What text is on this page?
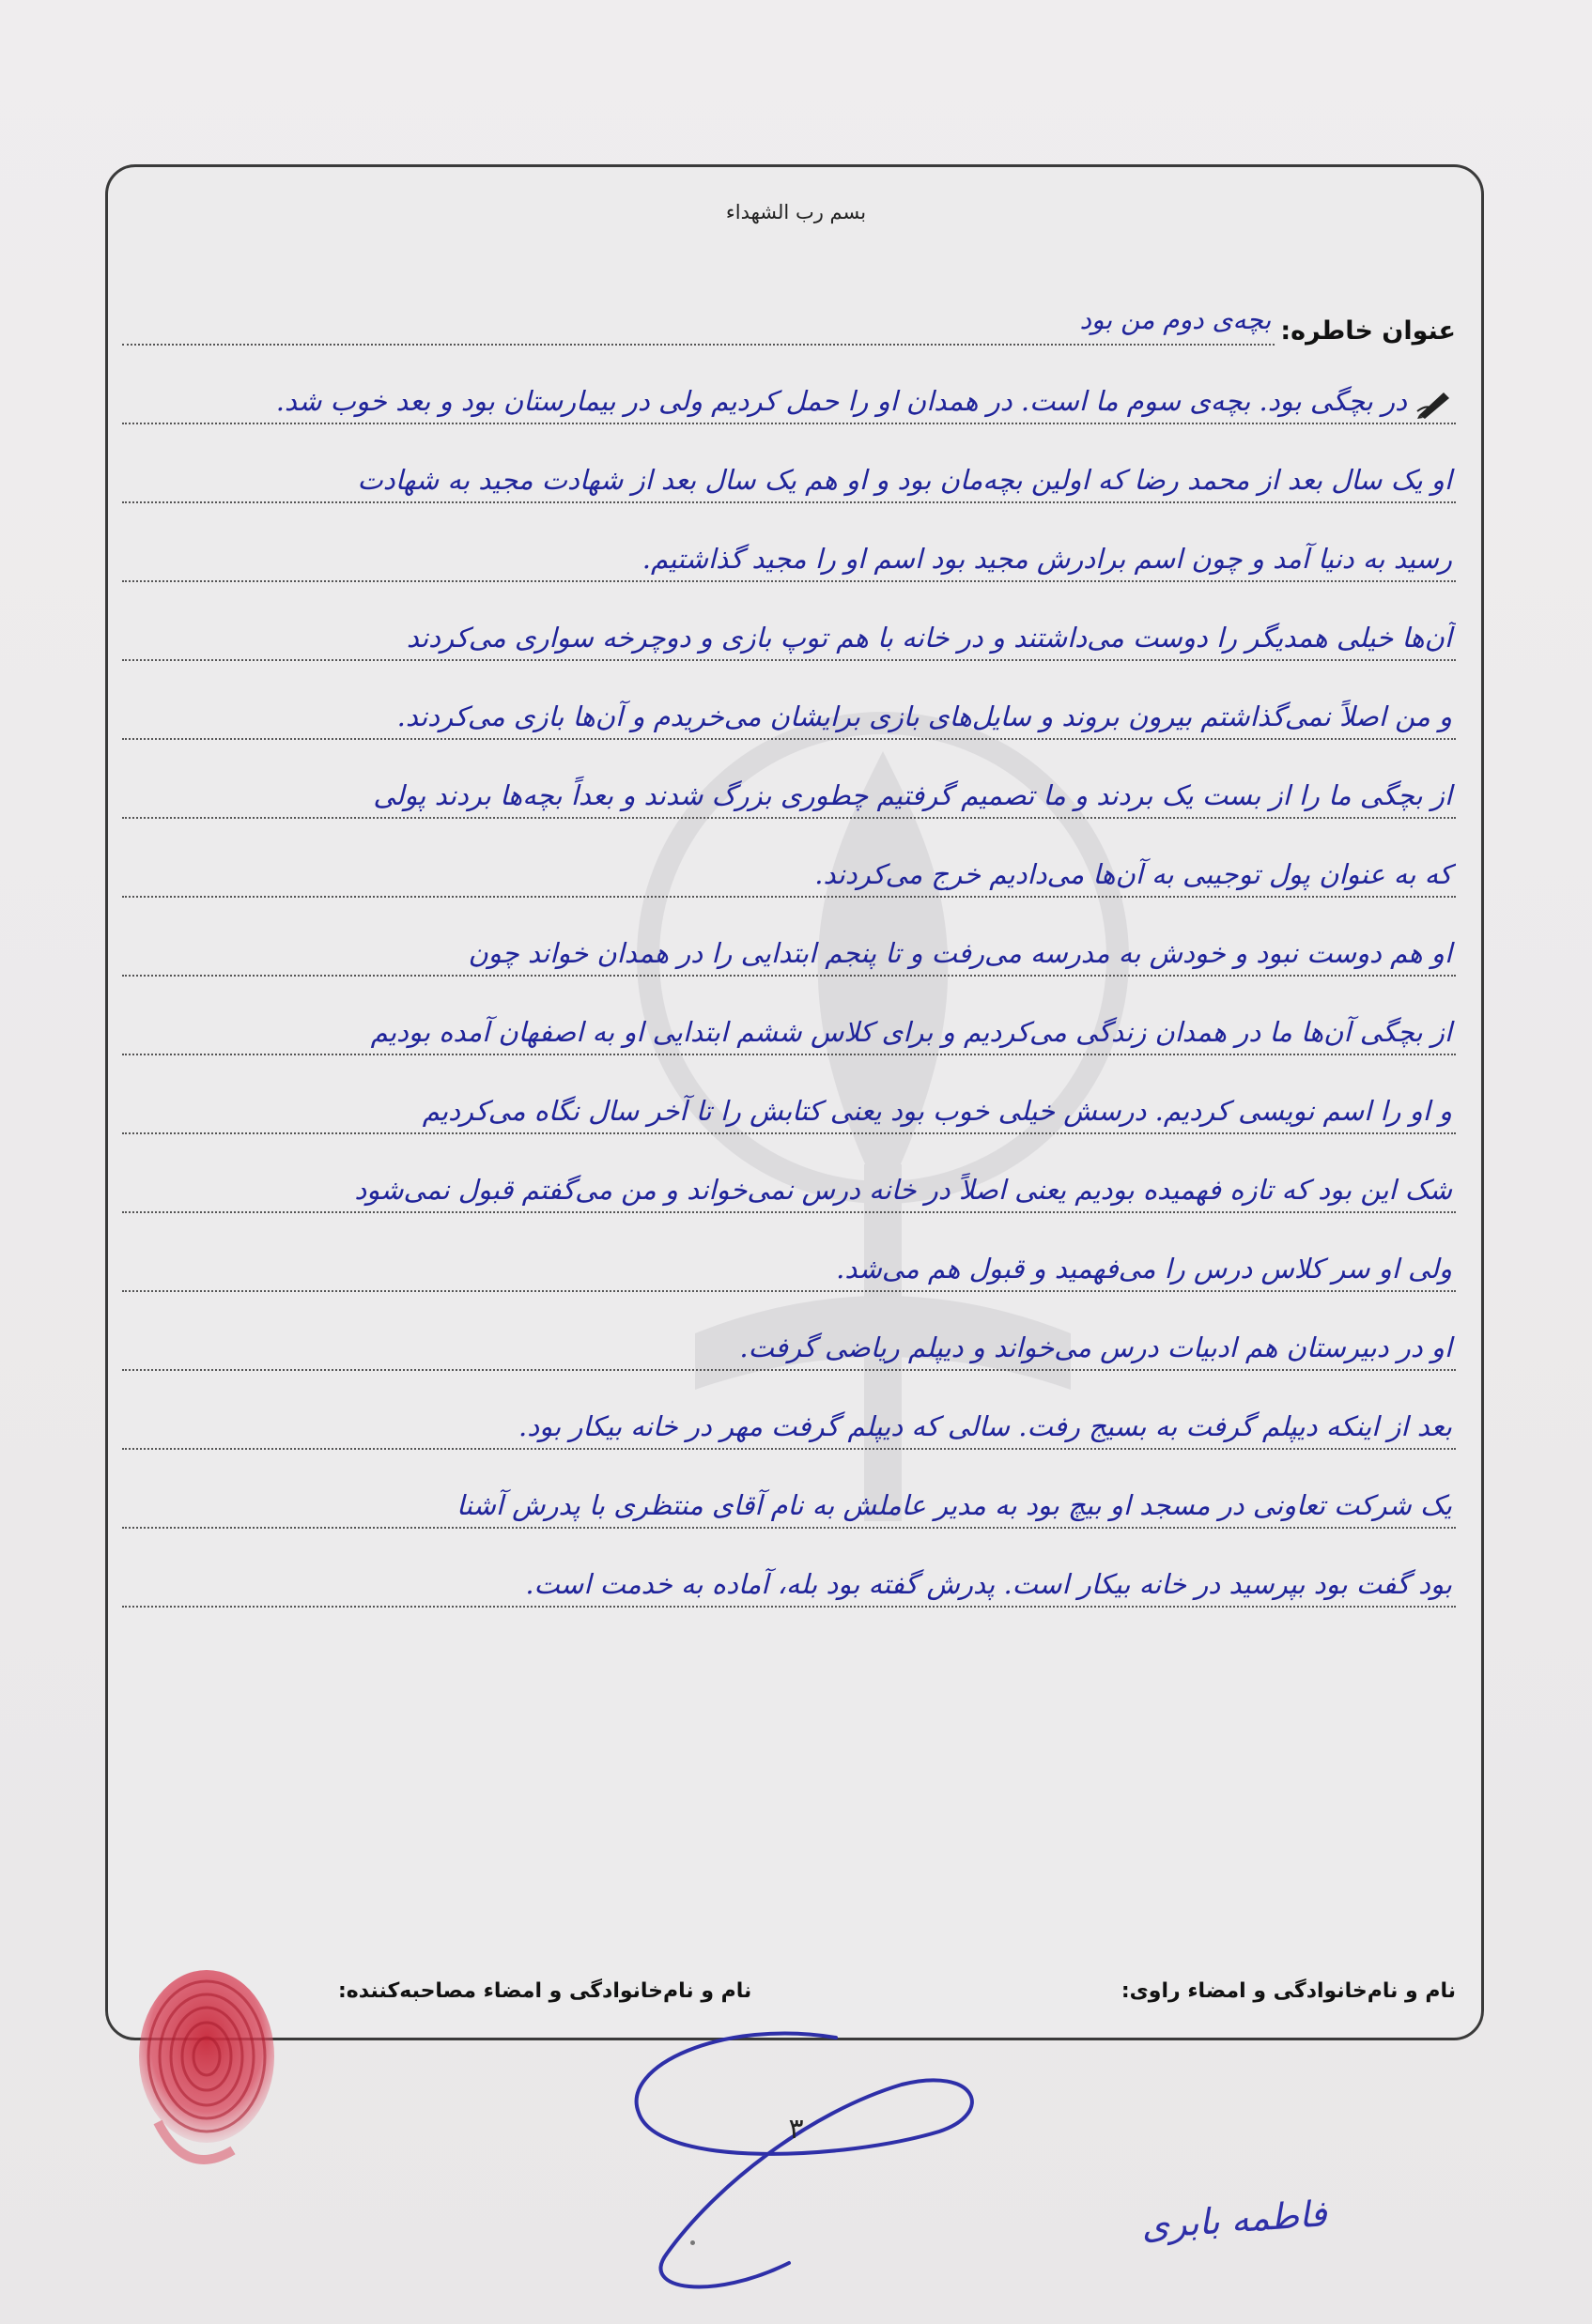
بسم رب الشهداء
عنوان خاطره:
بچه‌ی دوم من بود
در بچگی بود. بچه‌ی سوم ما است. در همدان او را حمل کردیم ولی در بیمارستان بود و بعد خوب شد.
او یک سال بعد از محمد رضا که اولین بچه‌مان بود و او هم یک سال بعد از شهادت مجید به شهادت
رسید به دنیا آمد و چون اسم برادرش مجید بود اسم او را مجید گذاشتیم.
آن‌ها خیلی همدیگر را دوست می‌داشتند و در خانه با هم توپ بازی و دوچرخه سواری می‌کردند
و من اصلاً نمی‌گذاشتم بیرون بروند و سایل‌های بازی برایشان می‌خریدم و آن‌ها بازی می‌کردند.
از بچگی ما را از بست یک بردند و ما تصمیم گرفتیم چطوری بزرگ شدند و بعداً بچه‌ها بردند پولی
که به عنوان پول توجیبی به آن‌ها می‌دادیم خرج می‌کردند.
او هم دوست نبود و خودش به مدرسه می‌رفت و تا پنجم ابتدایی را در همدان خواند چون
از بچگی آن‌ها ما در همدان زندگی می‌کردیم و برای کلاس ششم ابتدایی او به اصفهان آمده بودیم
و او را اسم نویسی کردیم. درسش خیلی خوب بود یعنی کتابش را تا آخر سال نگاه می‌کردیم
شک این بود که تازه فهمیده بودیم یعنی اصلاً در خانه درس نمی‌خواند و من می‌گفتم قبول نمی‌شود
ولی او سر کلاس درس را می‌فهمید و قبول هم می‌شد.
او در دبیرستان هم ادبیات درس می‌خواند و دیپلم ریاضی گرفت.
بعد از اینکه دیپلم گرفت به بسیج رفت. سالی که دیپلم گرفت مهر در خانه بیکار بود.
یک شرکت تعاونی در مسجد او بیچ بود به مدیر عاملش به نام آقای منتظری با پدرش آشنا
بود گفت بود بپرسید در خانه بیکار است. پدرش گفته بود بله، آماده به خدمت است.
نام و نام‌خانوادگی و امضاء راوی:
نام و نام‌خانوادگی و امضاء مصاحبه‌کننده:
۳
فاطمه بابری
